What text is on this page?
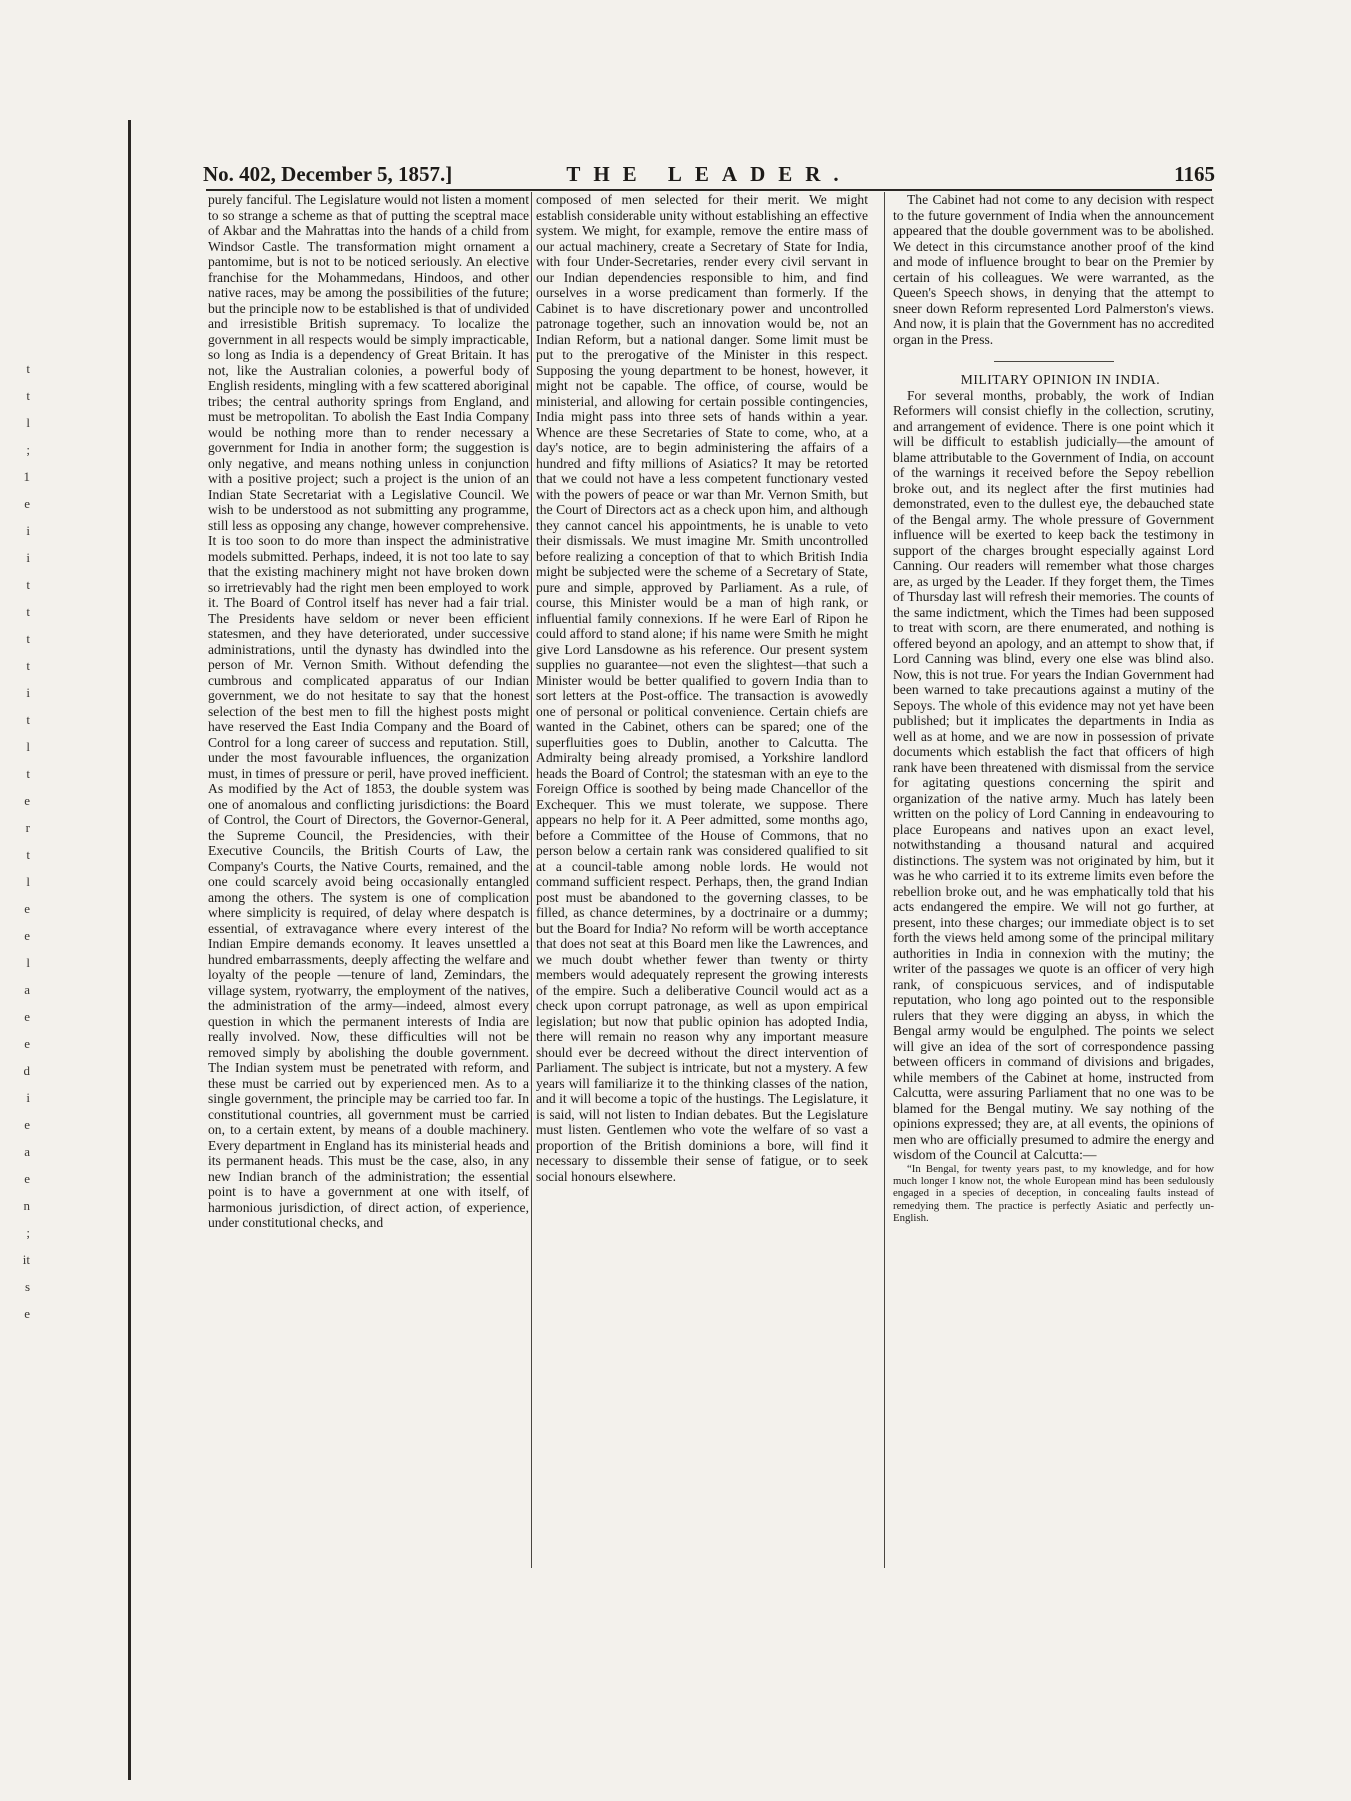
t
t
l
;
1
e
i
i
t
t
t
t
i
t
l
t
e
r
t
l
e
e
l
a
e
e
d
i
e
a
e
n
;
it
s
e
No. 402, December 5, 1857.]	THE LEADER.	1165

purely fanciful. The Legislature would not listen a moment to so strange a scheme as that of putting the sceptral mace of Akbar and the Mahrattas into the hands of a child from Windsor Castle. The transformation might ornament a pantomime, but is not to be noticed seriously. An elective franchise for the Mohammedans, Hindoos, and other native races, may be among the possibilities of the future; but the principle now to be established is that of undivided and irresistible British supremacy. To localize the government in all respects would be simply impracticable, so long as India is a dependency of Great Britain. It has not, like the Australian colonies, a powerful body of English residents, mingling with a few scattered aboriginal tribes; the central authority springs from England, and must be metropolitan. To abolish the East India Company would be nothing more than to render necessary a government for India in another form; the suggestion is only negative, and means nothing unless in conjunction with a positive project; such a project is the union of an Indian State Secretariat with a Legislative Council. We wish to be understood as not submitting any programme, still less as opposing any change, however comprehensive. It is too soon to do more than inspect the administrative models submitted. Perhaps, indeed, it is not too late to say that the existing machinery might not have broken down so irretrievably had the right men been employed to work it. The Board of Control itself has never had a fair trial. The Presidents have seldom or never been efficient statesmen, and they have deteriorated, under successive administrations, until the dynasty has dwindled into the person of Mr. Vernon Smith. Without defending the cumbrous and complicated apparatus of our Indian government, we do not hesitate to say that the honest selection of the best men to fill the highest posts might have reserved the East India Company and the Board of Control for a long career of success and reputation. Still, under the most favourable influences, the organization must, in times of pressure or peril, have proved inefficient. As modified by the Act of 1853, the double system was one of anomalous and conflicting jurisdictions: the Board of Control, the Court of Directors, the Governor-General, the Supreme Council, the Presidencies, with their Executive Councils, the British Courts of Law, the Company's Courts, the Native Courts, remained, and the one could scarcely avoid being occasionally entangled among the others. The system is one of complication where simplicity is required, of delay where despatch is essential, of extravagance where every interest of the Indian Empire demands economy. It leaves unsettled a hundred embarrassments, deeply affecting the welfare and loyalty of the people —tenure of land, Zemindars, the village system, ryotwarry, the employment of the natives, the administration of the army—indeed, almost every question in which the permanent interests of India are really involved. Now, these difficulties will not be removed simply by abolishing the double government. The Indian system must be penetrated with reform, and these must be carried out by experienced men. As to a single government, the principle may be carried too far. In constitutional countries, all government must be carried on, to a certain extent, by means of a double machinery. Every department in England has its ministerial heads and its permanent heads. This must be the case, also, in any new Indian branch of the administration; the essential point is to have a government at one with itself, of harmonious jurisdiction, of direct action, of experience, under constitutional checks, and

composed of men selected for their merit. We might establish considerable unity without establishing an effective system. We might, for example, remove the entire mass of our actual machinery, create a Secretary of State for India, with four Under-Secretaries, render every civil servant in our Indian dependencies responsible to him, and find ourselves in a worse predicament than formerly. If the Cabinet is to have discretionary power and uncontrolled patronage together, such an innovation would be, not an Indian Reform, but a national danger. Some limit must be put to the prerogative of the Minister in this respect. Supposing the young department to be honest, however, it might not be capable. The office, of course, would be ministerial, and allowing for certain possible contingencies, India might pass into three sets of hands within a year. Whence are these Secretaries of State to come, who, at a day's notice, are to begin administering the affairs of a hundred and fifty millions of Asiatics? It may be retorted that we could not have a less competent functionary vested with the powers of peace or war than Mr. Vernon Smith, but the Court of Directors act as a check upon him, and although they cannot cancel his appointments, he is unable to veto their dismissals. We must imagine Mr. Smith uncontrolled before realizing a conception of that to which British India might be subjected were the scheme of a Secretary of State, pure and simple, approved by Parliament. As a rule, of course, this Minister would be a man of high rank, or influential family connexions. If he were Earl of Ripon he could afford to stand alone; if his name were Smith he might give Lord Lansdowne as his reference. Our present system supplies no guarantee—not even the slightest—that such a Minister would be better qualified to govern India than to sort letters at the Post-office. The transaction is avowedly one of personal or political convenience. Certain chiefs are wanted in the Cabinet, others can be spared; one of the superfluities goes to Dublin, another to Calcutta. The Admiralty being already promised, a Yorkshire landlord heads the Board of Control; the statesman with an eye to the Foreign Office is soothed by being made Chancellor of the Exchequer. This we must tolerate, we suppose. There appears no help for it. A Peer admitted, some months ago, before a Committee of the House of Commons, that no person below a certain rank was considered qualified to sit at a council-table among noble lords. He would not command sufficient respect. Perhaps, then, the grand Indian post must be abandoned to the governing classes, to be filled, as chance determines, by a doctrinaire or a dummy; but the Board for India? No reform will be worth acceptance that does not seat at this Board men like the Lawrences, and we much doubt whether fewer than twenty or thirty members would adequately represent the growing interests of the empire. Such a deliberative Council would act as a check upon corrupt patronage, as well as upon empirical legislation; but now that public opinion has adopted India, there will remain no reason why any important measure should ever be decreed without the direct intervention of Parliament. The subject is intricate, but not a mystery. A few years will familiarize it to the thinking classes of the nation, and it will become a topic of the hustings. The Legislature, it is said, will not listen to Indian debates. But the Legislature must listen. Gentlemen who vote the welfare of so vast a proportion of the British dominions a bore, will find it necessary to dissemble their sense of fatigue, or to seek social honours elsewhere.

The Cabinet had not come to any decision with respect to the future government of India when the announcement appeared that the double government was to be abolished. We detect in this circumstance another proof of the kind and mode of influence brought to bear on the Premier by certain of his colleagues. We were warranted, as the Queen's Speech shows, in denying that the attempt to sneer down Reform represented Lord Palmerston's views. And now, it is plain that the Government has no accredited organ in the Press.

MILITARY OPINION IN INDIA.

For several months, probably, the work of Indian Reformers will consist chiefly in the collection, scrutiny, and arrangement of evidence. There is one point which it will be difficult to establish judicially—the amount of blame attributable to the Government of India, on account of the warnings it received before the Sepoy rebellion broke out, and its neglect after the first mutinies had demonstrated, even to the dullest eye, the debauched state of the Bengal army. The whole pressure of Government influence will be exerted to keep back the testimony in support of the charges brought especially against Lord Canning. Our readers will remember what those charges are, as urged by the Leader. If they forget them, the Times of Thursday last will refresh their memories. The counts of the same indictment, which the Times had been supposed to treat with scorn, are there enumerated, and nothing is offered beyond an apology, and an attempt to show that, if Lord Canning was blind, every one else was blind also. Now, this is not true. For years the Indian Government had been warned to take precautions against a mutiny of the Sepoys. The whole of this evidence may not yet have been published; but it implicates the departments in India as well as at home, and we are now in possession of private documents which establish the fact that officers of high rank have been threatened with dismissal from the service for agitating questions concerning the spirit and organization of the native army. Much has lately been written on the policy of Lord Canning in endeavouring to place Europeans and natives upon an exact level, notwithstanding a thousand natural and acquired distinctions. The system was not originated by him, but it was he who carried it to its extreme limits even before the rebellion broke out, and he was emphatically told that his acts endangered the empire. We will not go further, at present, into these charges; our immediate object is to set forth the views held among some of the principal military authorities in India in connexion with the mutiny; the writer of the passages we quote is an officer of very high rank, of conspicuous services, and of indisputable reputation, who long ago pointed out to the responsible rulers that they were digging an abyss, in which the Bengal army would be engulphed. The points we select will give an idea of the sort of correspondence passing between officers in command of divisions and brigades, while members of the Cabinet at home, instructed from Calcutta, were assuring Parliament that no one was to be blamed for the Bengal mutiny. We say nothing of the opinions expressed; they are, at all events, the opinions of men who are officially presumed to admire the energy and wisdom of the Council at Calcutta:—

“In Bengal, for twenty years past, to my knowledge, and for how much longer I know not, the whole European mind has been sedulously engaged in a species of deception, in concealing faults instead of remedying them. The practice is perfectly Asiatic and perfectly un-English.
